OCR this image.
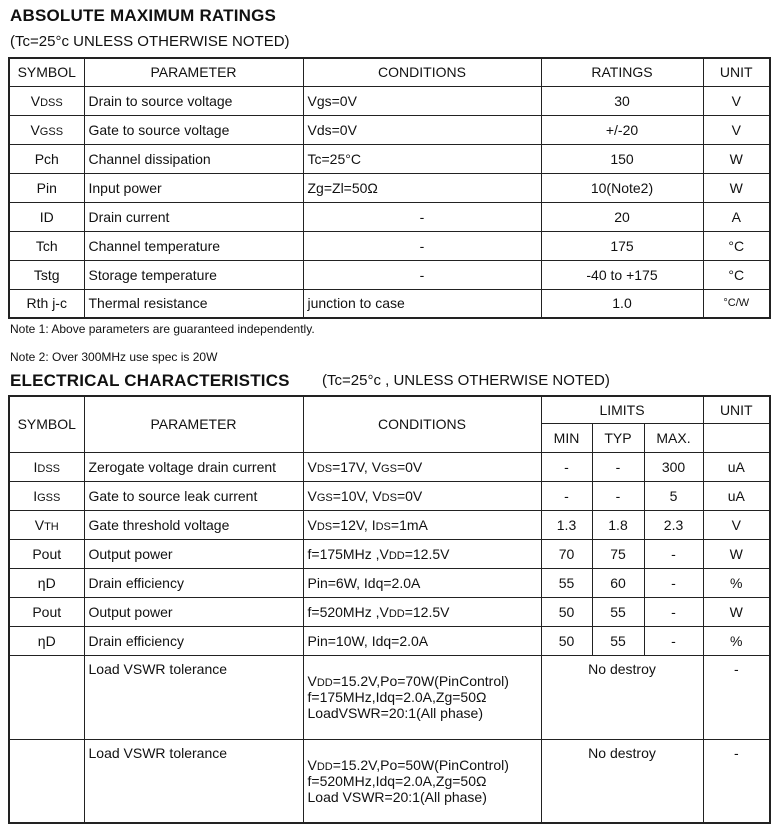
ABSOLUTE MAXIMUM RATINGS
(Tc=25°c UNLESS OTHERWISE NOTED)
SYMBOL	PARAMETER	CONDITIONS	RATINGS	UNIT
VDSS	Drain to source voltage	Vgs=0V	30	V
VGSS	Gate to source voltage	Vds=0V	+/-20	V
Pch	Channel dissipation	Tc=25°C	150	W
Pin	Input power	Zg=Zl=50Ω	10(Note2)	W
ID	Drain current	-	20	A
Tch	Channel temperature	-	175	°C
Tstg	Storage temperature	-	-40 to +175	°C
Rth j-c	Thermal resistance	junction to case	1.0	°C/W
Note 1: Above parameters are guaranteed independently.
Note 2: Over 300MHz use spec is 20W
ELECTRICAL CHARACTERISTICS (Tc=25°c , UNLESS OTHERWISE NOTED)
SYMBOL	PARAMETER	CONDITIONS	LIMITS			UNIT
			MIN	TYP	MAX.	
IDSS	Zerogate voltage drain current	VDS=17V, VGS=0V	-	-	300	uA
IGSS	Gate to source leak current	VGS=10V, VDS=0V	-	-	5	uA
VTH	Gate threshold voltage	VDS=12V, IDS=1mA	1.3	1.8	2.3	V
Pout	Output power	f=175MHz ,VDD=12.5V	70	75	-	W
ηD	Drain efficiency	Pin=6W, Idq=2.0A	55	60	-	%
Pout	Output power	f=520MHz ,VDD=12.5V	50	55	-	W
ηD	Drain efficiency	Pin=10W, Idq=2.0A	50	55	-	%
	Load VSWR tolerance	VDD=15.2V,Po=70W(PinControl)
f=175MHz,Idq=2.0A,Zg=50Ω
LoadVSWR=20:1(All phase)	No destroy			-
	Load VSWR tolerance	VDD=15.2V,Po=50W(PinControl)
f=520MHz,Idq=2.0A,Zg=50Ω
Load VSWR=20:1(All phase)	No destroy			-
